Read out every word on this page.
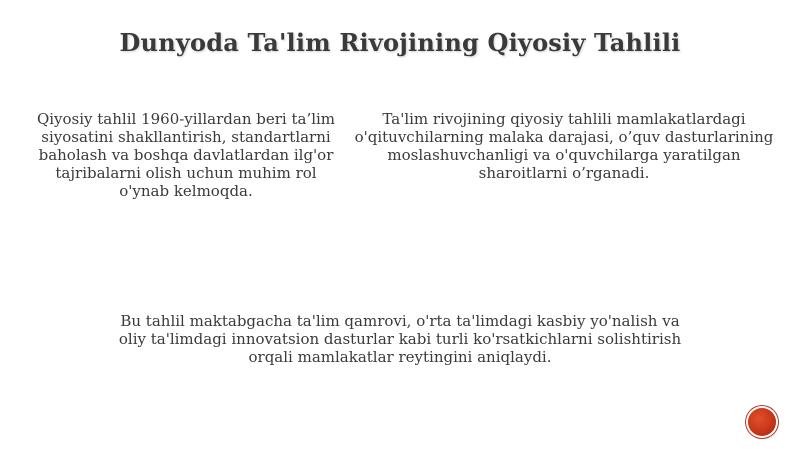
Dunyoda Ta'lim Rivojining Qiyosiy Tahlili

Qiyosiy tahlil 1960-yillardan beri ta’lim siyosatini shakllantirish, standartlarni baholash va boshqa davlatlardan ilg'or tajribalarni olish uchun muhim rol o'ynab kelmoqda.

Ta'lim rivojining qiyosiy tahlili mamlakatlardagi o'qituvchilarning malaka darajasi, o’quv dasturlarining moslashuvchanligi va o'quvchilarga yaratilgan sharoitlarni o’rganadi.

Bu tahlil maktabgacha ta'lim qamrovi, o'rta ta'limdagi kasbiy yo'nalish va oliy ta'limdagi innovatsion dasturlar kabi turli ko'rsatkichlarni solishtirish orqali mamlakatlar reytingini aniqlaydi.
